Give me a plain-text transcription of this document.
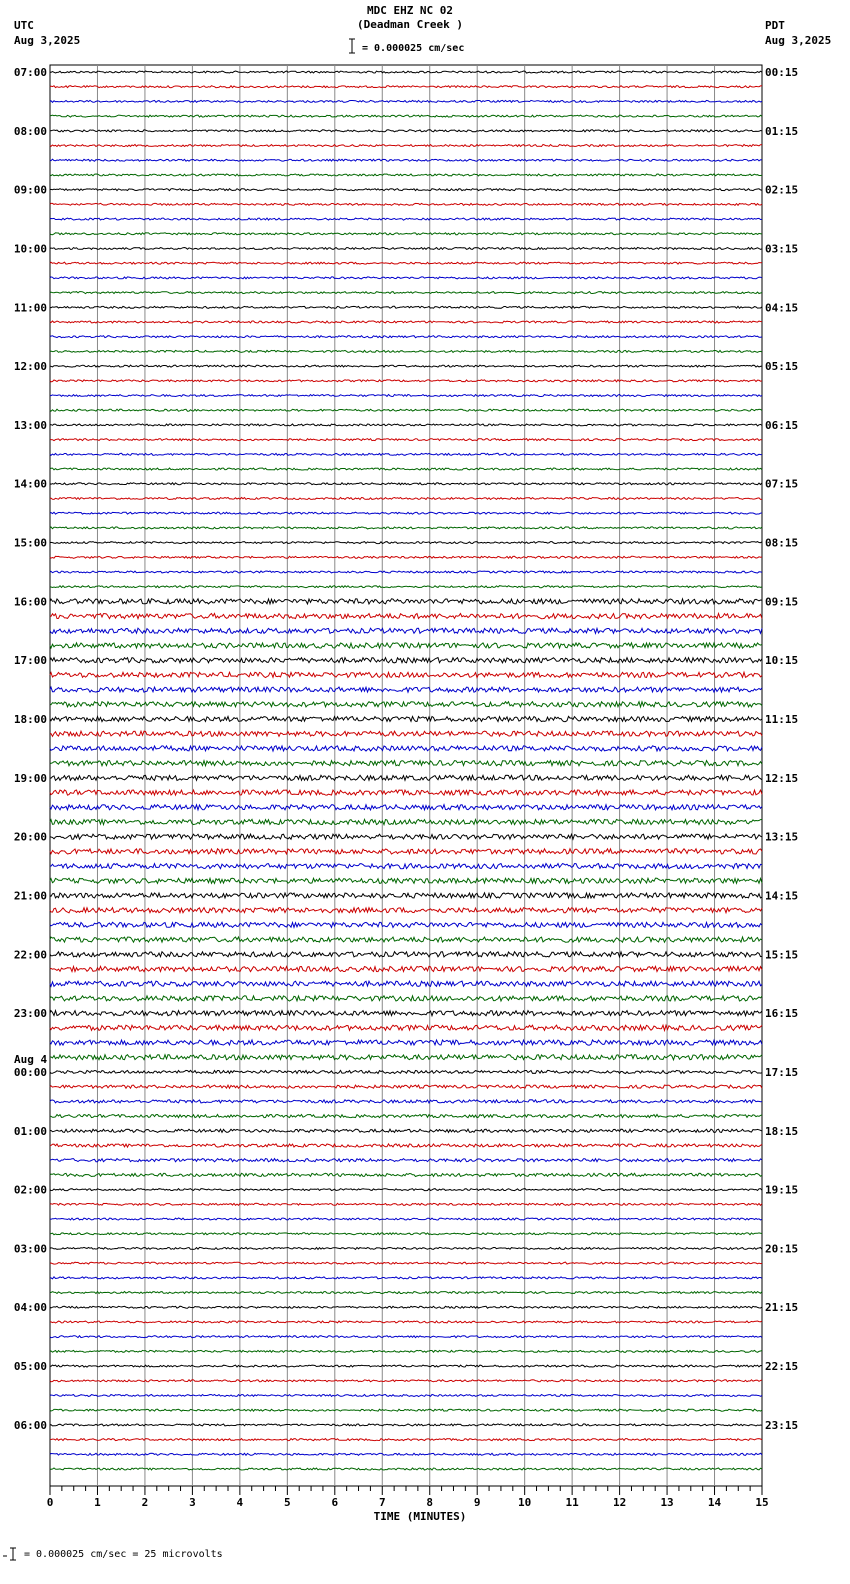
MDC EHZ NC 02
(Deadman Creek )
= 0.000025 cm/sec
UTC
Aug 3,2025
PDT
Aug 3,2025
TIME (MINUTES)
= 0.000025 cm/sec = 25 microvolts
07:00
08:00
09:00
10:00
11:00
12:00
13:00
14:00
15:00
16:00
17:00
18:00
19:00
20:00
21:00
22:00
23:00
00:00
01:00
02:00
03:00
04:00
05:00
06:00
Aug 4
00:15
01:15
02:15
03:15
04:15
05:15
06:15
07:15
08:15
09:15
10:15
11:15
12:15
13:15
14:15
15:15
16:15
17:15
18:15
19:15
20:15
21:15
22:15
23:15
0	1	2	3	4	5	6	7	8	9	10	11	12	13	14	15
